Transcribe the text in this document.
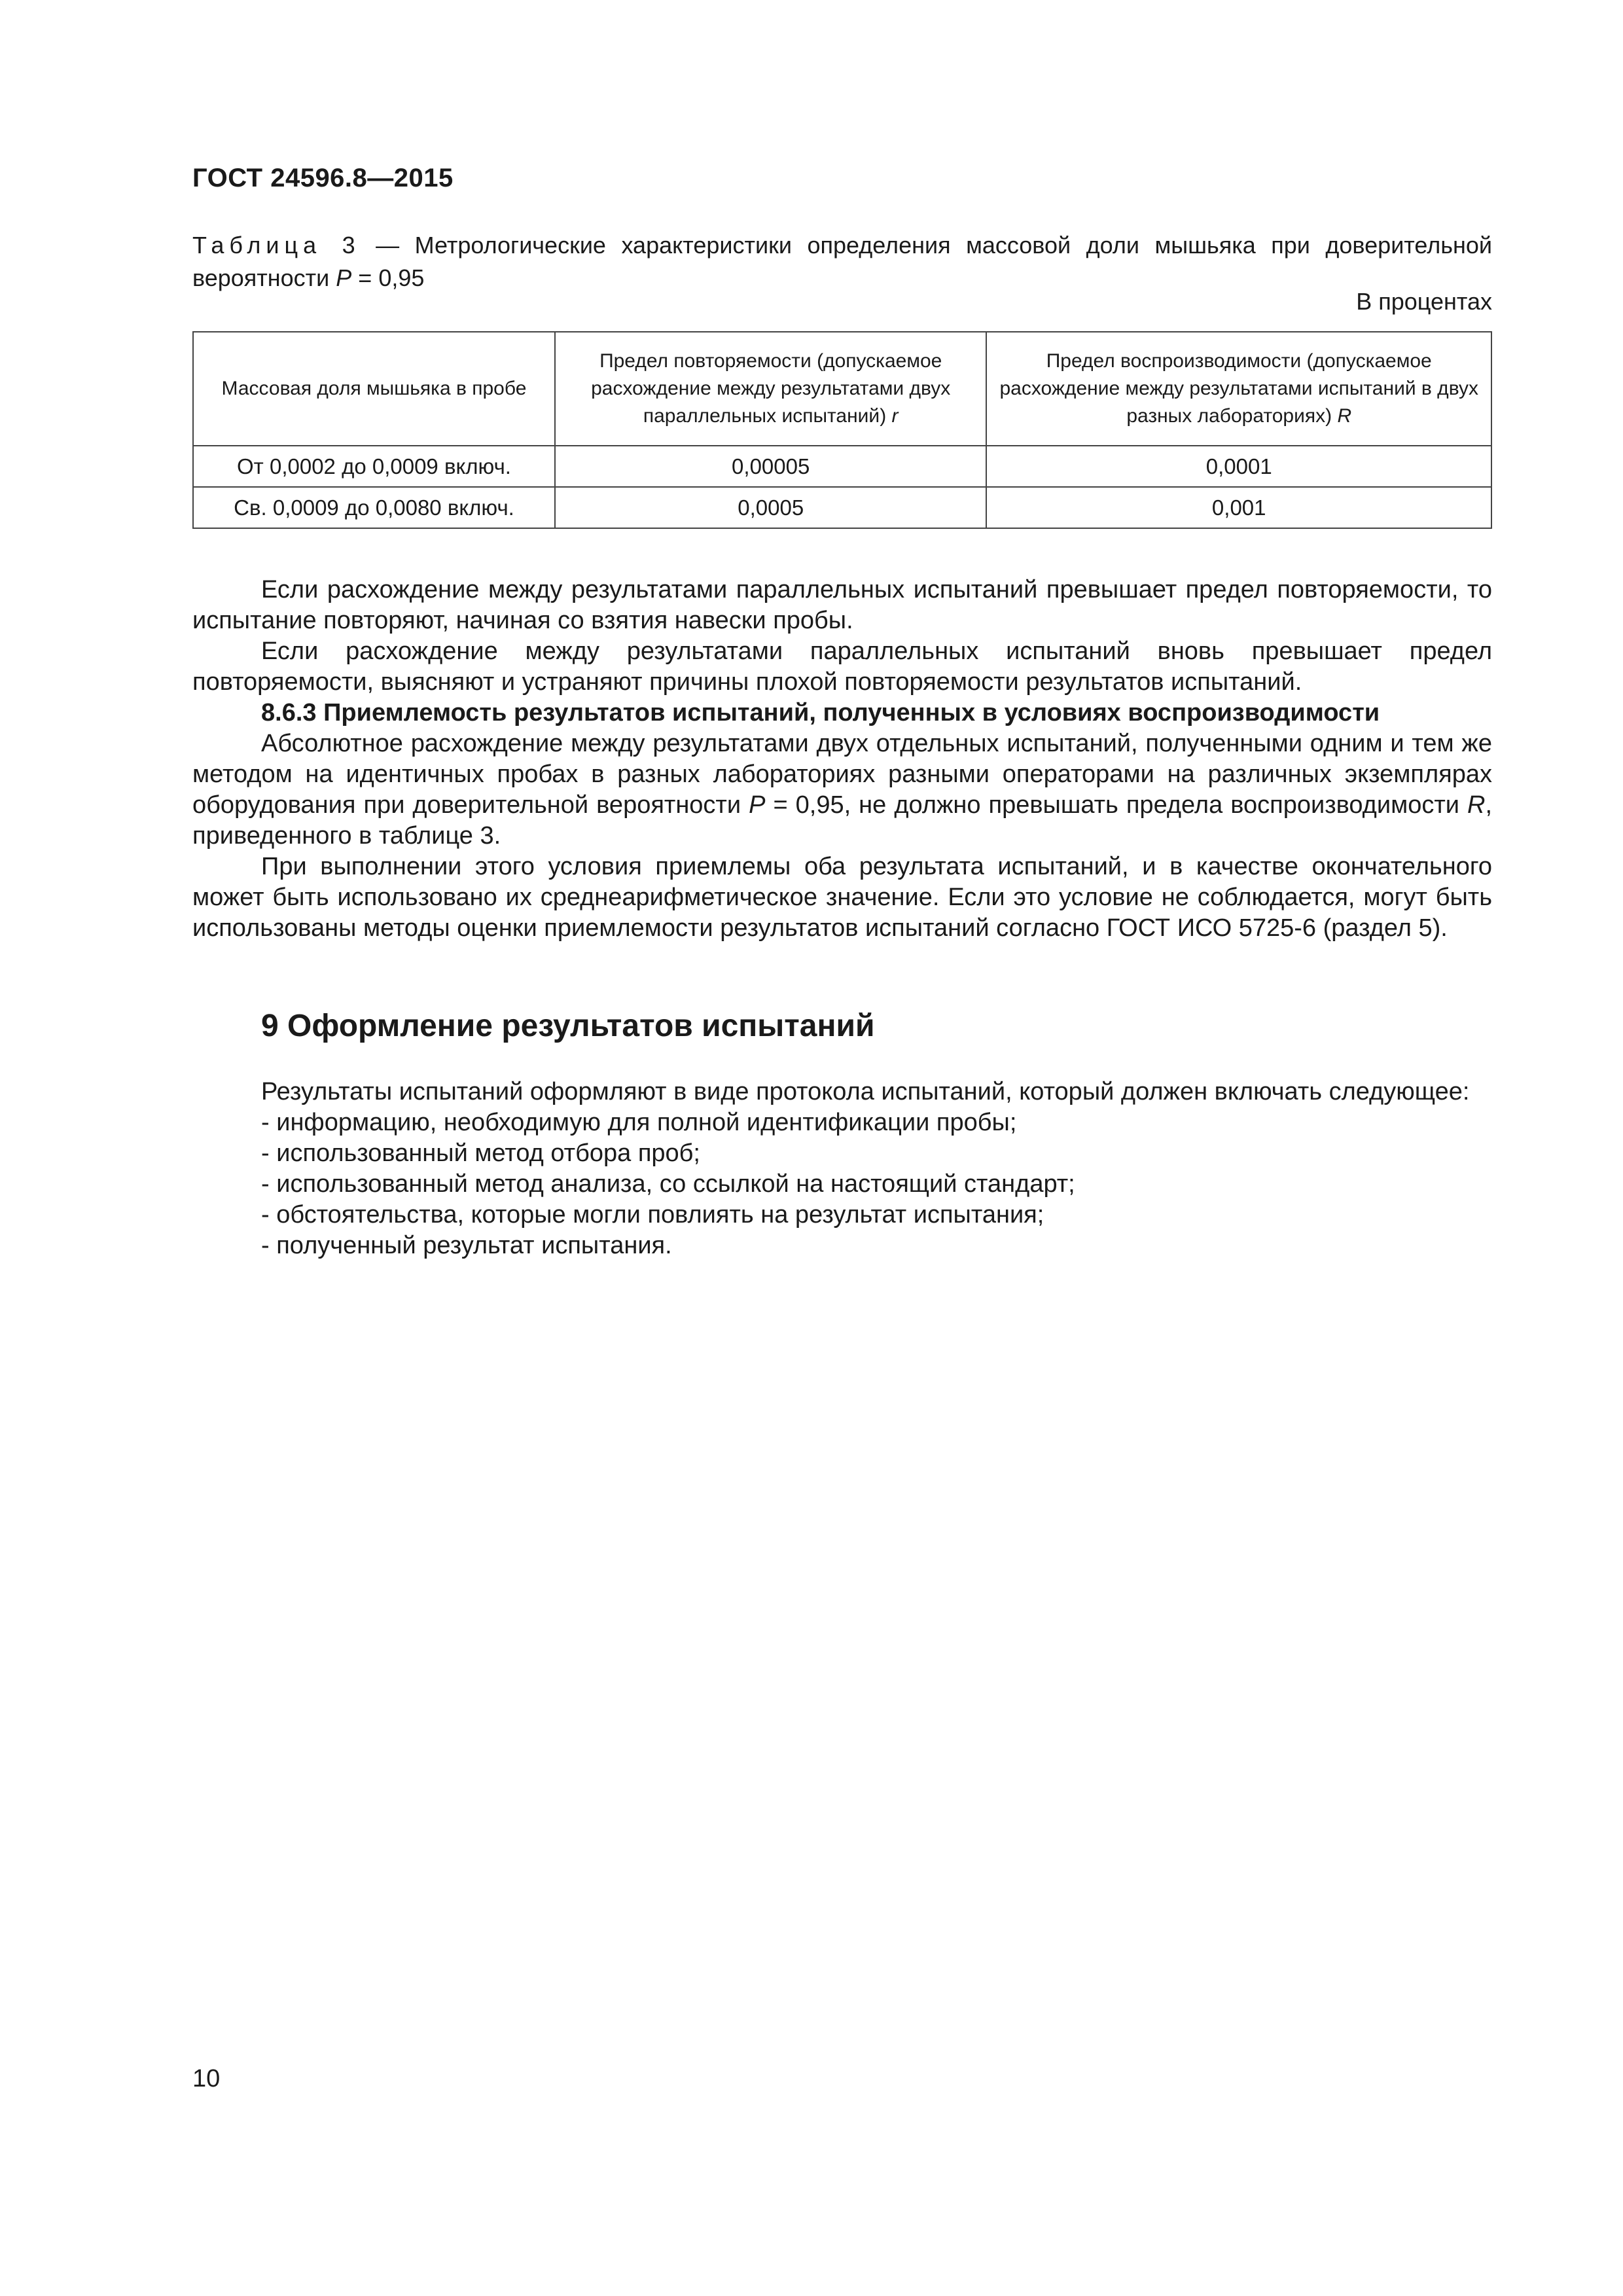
ГОСТ 24596.8—2015
Таблица 3 — Метрологические характеристики определения массовой доли мышьяка при доверительной вероятности P = 0,95
В процентах
Массовая доля мышьяка в пробе	Предел повторяемости (допускаемое расхождение между результатами двух параллельных испытаний) r	Предел воспроизводимости (допускаемое расхождение между результатами испытаний в двух разных лабораториях) R
От 0,0002 до 0,0009 включ.	0,00005	0,0001
Св. 0,0009 до 0,0080 включ.	0,0005	0,001

Если расхождение между результатами параллельных испытаний превышает предел повторяемости, то испытание повторяют, начиная со взятия навески пробы.

Если расхождение между результатами параллельных испытаний вновь превышает предел повторяемости, выясняют и устраняют причины плохой повторяемости результатов испытаний.

8.6.3 Приемлемость результатов испытаний, полученных в условиях воспроизводимости

Абсолютное расхождение между результатами двух отдельных испытаний, полученными одним и тем же методом на идентичных пробах в разных лабораториях разными операторами на различных экземплярах оборудования при доверительной вероятности P = 0,95, не должно превышать предела воспроизводимости R, приведенного в таблице 3.

При выполнении этого условия приемлемы оба результата испытаний, и в качестве окончательного может быть использовано их среднеарифметическое значение. Если это условие не соблюдается, могут быть использованы методы оценки приемлемости результатов испытаний согласно ГОСТ ИСО 5725-6 (раздел 5).

9 Оформление результатов испытаний

Результаты испытаний оформляют в виде протокола испытаний, который должен включать следующее:

- информацию, необходимую для полной идентификации пробы;
- использованный метод отбора проб;
- использованный метод анализа, со ссылкой на настоящий стандарт;
- обстоятельства, которые могли повлиять на результат испытания;
- полученный результат испытания.
10
